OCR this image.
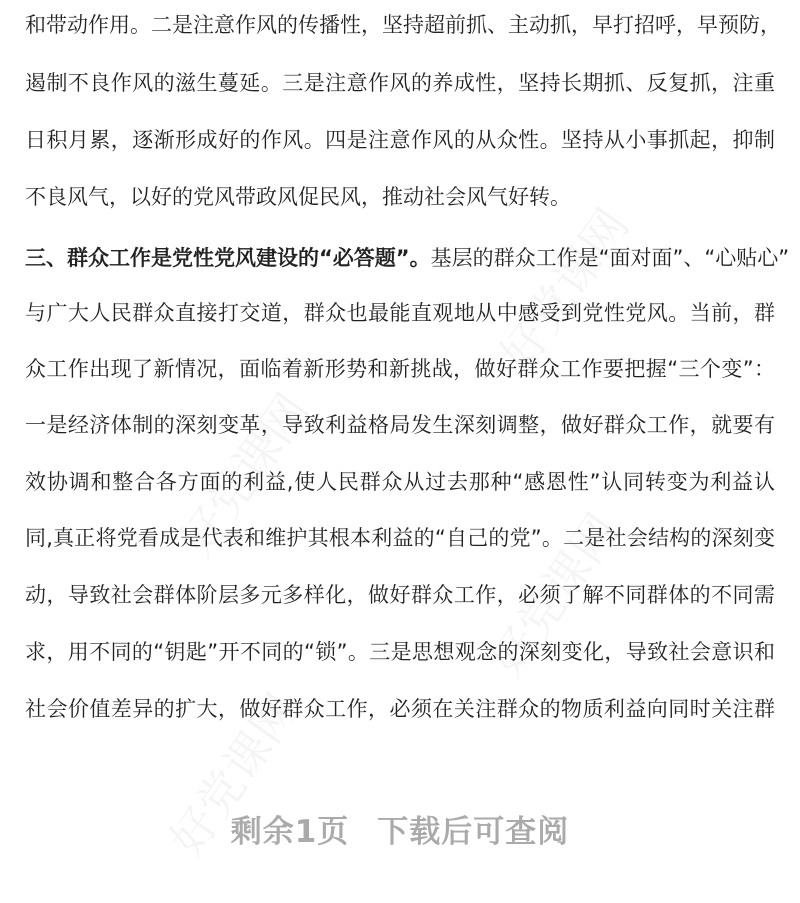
和带动作用。二是注意作风的传播性，坚持超前抓、主动抓，早打招呼，早预防，
遏制不良作风的滋生蔓延。三是注意作风的养成性，坚持长期抓、反复抓，注重
日积月累，逐渐形成好的作风。四是注意作风的从众性。坚持从小事抓起，抑制
不良风气，以好的党风带政风促民风，推动社会风气好转。
三、群众工作是党性党风建设的“必答题”。基层的群众工作是“面对面”、“心贴心”
与广大人民群众直接打交道，群众也最能直观地从中感受到党性党风。当前，群
众工作出现了新情况，面临着新形势和新挑战，做好群众工作要把握“三个变”：
一是经济体制的深刻变革，导致利益格局发生深刻调整，做好群众工作，就要有
效协调和整合各方面的利益,使人民群众从过去那种“感恩性”认同转变为利益认
同,真正将党看成是代表和维护其根本利益的“自己的党”。二是社会结构的深刻变
动，导致社会群体阶层多元多样化，做好群众工作，必须了解不同群体的不同需
求，用不同的“钥匙”开不同的“锁”。三是思想观念的深刻变化，导致社会意识和
社会价值差异的扩大，做好群众工作，必须在关注群众的物质利益向同时关注群
剩余1页 下载后可查阅
